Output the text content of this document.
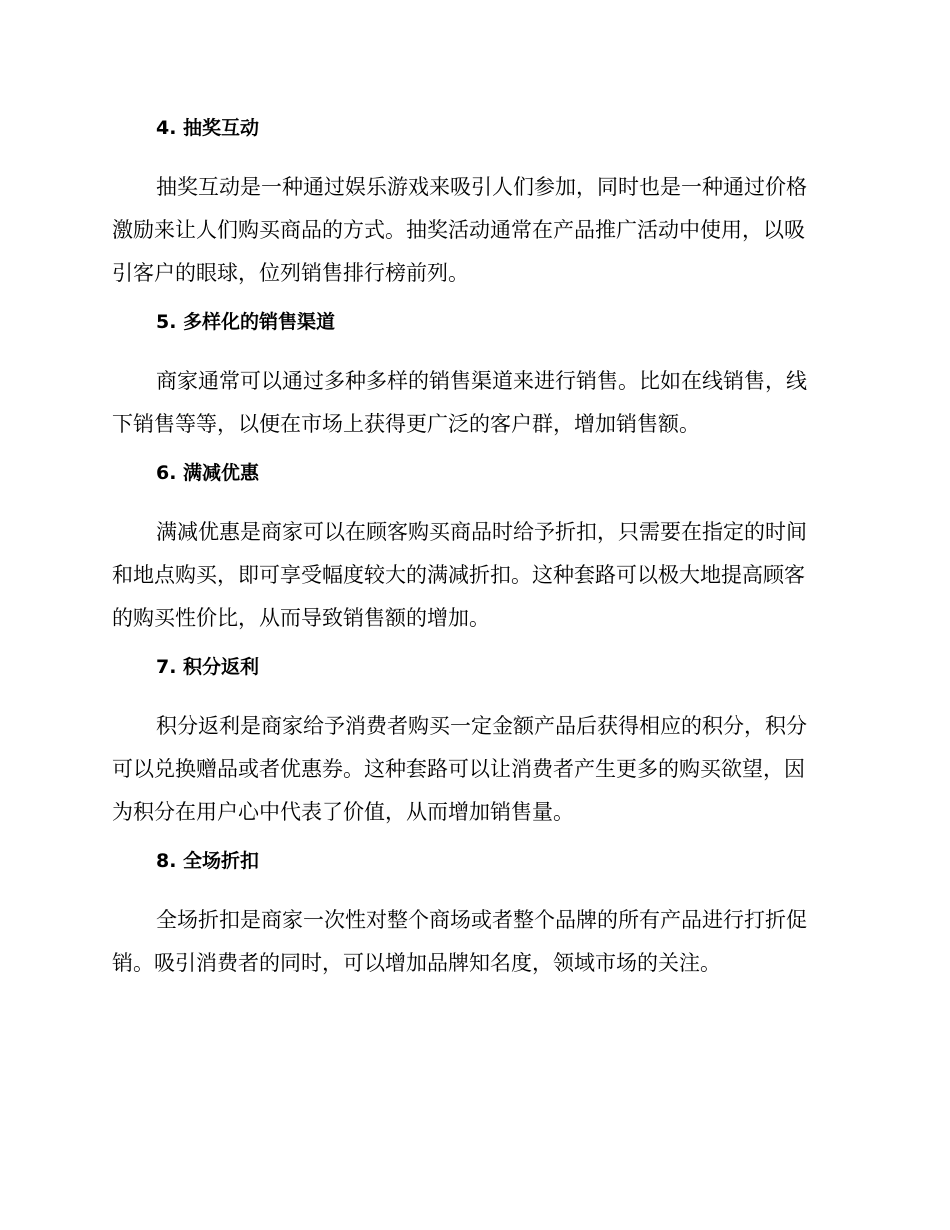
4. 抽奖互动

抽奖互动是一种通过娱乐游戏来吸引人们参加，同时也是一种通过价格
激励来让人们购买商品的方式。抽奖活动通常在产品推广活动中使用，以吸
引客户的眼球，位列销售排行榜前列。

5. 多样化的销售渠道

商家通常可以通过多种多样的销售渠道来进行销售。比如在线销售，线
下销售等等，以便在市场上获得更广泛的客户群，增加销售额。

6. 满减优惠

满减优惠是商家可以在顾客购买商品时给予折扣，只需要在指定的时间
和地点购买，即可享受幅度较大的满减折扣。这种套路可以极大地提高顾客
的购买性价比，从而导致销售额的增加。

7. 积分返利

积分返利是商家给予消费者购买一定金额产品后获得相应的积分，积分
可以兑换赠品或者优惠券。这种套路可以让消费者产生更多的购买欲望，因
为积分在用户心中代表了价值，从而增加销售量。

8. 全场折扣

全场折扣是商家一次性对整个商场或者整个品牌的所有产品进行打折促
销。吸引消费者的同时，可以增加品牌知名度，领域市场的关注。
